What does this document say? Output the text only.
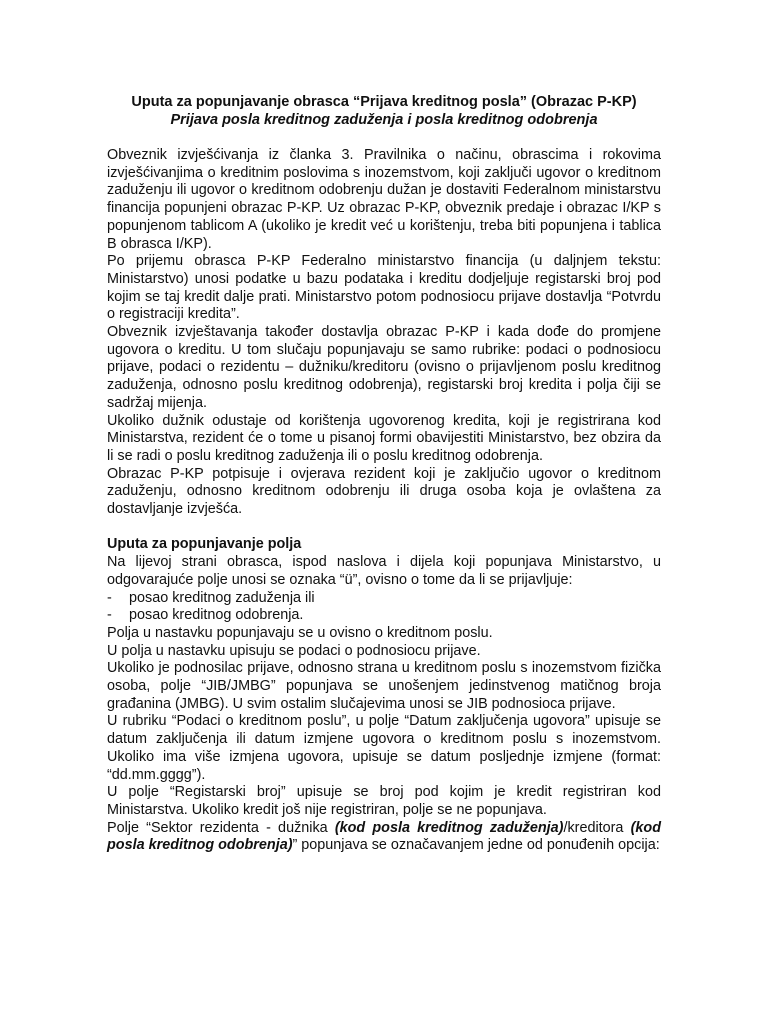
Uputa za popunjavanje obrasca “Prijava kreditnog posla” (Obrazac P-KP)
Prijava posla kreditnog zaduženja i posla kreditnog odobrenja

Obveznik izvješćivanja iz članka 3. Pravilnika o načinu, obrascima i rokovima izvješćivanjima o kreditnim poslovima s inozemstvom, koji zaključi ugovor o kreditnom zaduženju ili ugovor o kreditnom odobrenju dužan je dostaviti Federalnom ministarstvu financija popunjeni obrazac P-KP. Uz obrazac P-KP, obveznik predaje i obrazac I/KP s popunjenom tablicom A (ukoliko je kredit već u korištenju, treba biti popunjena i tablica B obrasca I/KP).

Po prijemu obrasca P-KP Federalno ministarstvo financija (u daljnjem tekstu: Ministarstvo) unosi podatke u bazu podataka i kreditu dodjeljuje registarski broj pod kojim se taj kredit dalje prati. Ministarstvo potom podnosiocu prijave dostavlja “Potvrdu o registraciji kredita”.

Obveznik izvještavanja također dostavlja obrazac P-KP i kada dođe do promjene ugovora o kreditu. U tom slučaju popunjavaju se samo rubrike: podaci o podnosiocu prijave, podaci o rezidentu – dužniku/kreditoru (ovisno o prijavljenom poslu kreditnog zaduženja, odnosno poslu kreditnog odobrenja), registarski broj kredita i polja čiji se sadržaj mijenja.

Ukoliko dužnik odustaje od korištenja ugovorenog kredita, koji je registrirana kod Ministarstva, rezident će o tome u pisanoj formi obavijestiti Ministarstvo, bez obzira da li se radi o poslu kreditnog zaduženja ili o poslu kreditnog odobrenja.

Obrazac P-KP potpisuje i ovjerava rezident koji je zaključio ugovor o kreditnom zaduženju, odnosno kreditnom odobrenju ili druga osoba koja je ovlaštena za dostavljanje izvješća.

Uputa za popunjavanje polja

Na lijevoj strani obrasca, ispod naslova i dijela koji popunjava Ministarstvo, u odgovarajuće polje unosi se oznaka “ü”, ovisno o tome da li se prijavljuje:

-	posao kreditnog zaduženja ili
-	posao kreditnog odobrenja.

Polja u nastavku popunjavaju se u ovisno o kreditnom poslu.

U polja u nastavku upisuju se podaci o podnosiocu prijave.

Ukoliko je podnosilac prijave, odnosno strana u kreditnom poslu s inozemstvom fizička osoba, polje “JIB/JMBG” popunjava se unošenjem jedinstvenog matičnog broja građanina (JMBG). U svim ostalim slučajevima unosi se JIB podnosioca prijave.

U rubriku “Podaci o kreditnom poslu”, u polje “Datum zaključenja ugovora” upisuje se datum zaključenja ili datum izmjene ugovora o kreditnom poslu s inozemstvom. Ukoliko ima više izmjena ugovora, upisuje se datum posljednje izmjene (format: “dd.mm.gggg”).

U polje “Registarski broj” upisuje se broj pod kojim je kredit registriran kod Ministarstva. Ukoliko kredit još nije registriran, polje se ne popunjava.

Polje “Sektor rezidenta - dužnika (kod posla kreditnog zaduženja)/kreditora (kod posla kreditnog odobrenja)” popunjava se označavanjem jedne od ponuđenih opcija:
